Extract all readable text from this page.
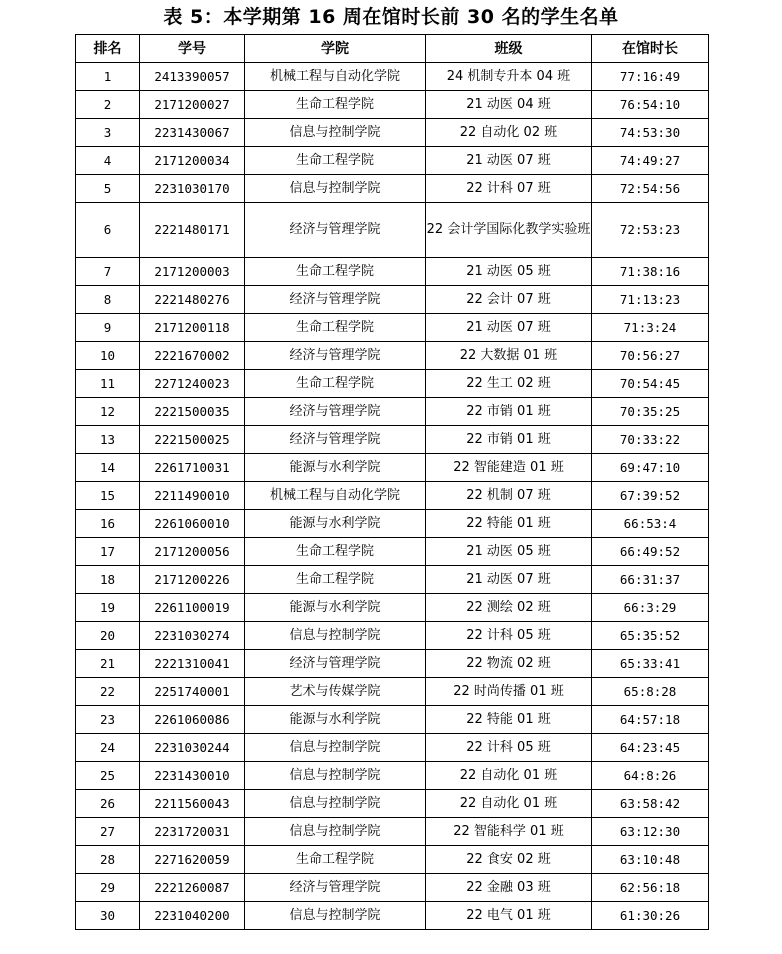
表 5：本学期第 16 周在馆时长前 30 名的学生名单
排名	学号	学院	班级	在馆时长
1	2413390057	机械工程与自动化学院	24 机制专升本 04 班	77:16:49
2	2171200027	生命工程学院	21 动医 04 班	76:54:10
3	2231430067	信息与控制学院	22 自动化 02 班	74:53:30
4	2171200034	生命工程学院	21 动医 07 班	74:49:27
5	2231030170	信息与控制学院	22 计科 07 班	72:54:56
6	2221480171	经济与管理学院	22 会计学国际化教学实验班	72:53:23
7	2171200003	生命工程学院	21 动医 05 班	71:38:16
8	2221480276	经济与管理学院	22 会计 07 班	71:13:23
9	2171200118	生命工程学院	21 动医 07 班	71:3:24
10	2221670002	经济与管理学院	22 大数据 01 班	70:56:27
11	2271240023	生命工程学院	22 生工 02 班	70:54:45
12	2221500035	经济与管理学院	22 市销 01 班	70:35:25
13	2221500025	经济与管理学院	22 市销 01 班	70:33:22
14	2261710031	能源与水利学院	22 智能建造 01 班	69:47:10
15	2211490010	机械工程与自动化学院	22 机制 07 班	67:39:52
16	2261060010	能源与水利学院	22 特能 01 班	66:53:4
17	2171200056	生命工程学院	21 动医 05 班	66:49:52
18	2171200226	生命工程学院	21 动医 07 班	66:31:37
19	2261100019	能源与水利学院	22 测绘 02 班	66:3:29
20	2231030274	信息与控制学院	22 计科 05 班	65:35:52
21	2221310041	经济与管理学院	22 物流 02 班	65:33:41
22	2251740001	艺术与传媒学院	22 时尚传播 01 班	65:8:28
23	2261060086	能源与水利学院	22 特能 01 班	64:57:18
24	2231030244	信息与控制学院	22 计科 05 班	64:23:45
25	2231430010	信息与控制学院	22 自动化 01 班	64:8:26
26	2211560043	信息与控制学院	22 自动化 01 班	63:58:42
27	2231720031	信息与控制学院	22 智能科学 01 班	63:12:30
28	2271620059	生命工程学院	22 食安 02 班	63:10:48
29	2221260087	经济与管理学院	22 金融 03 班	62:56:18
30	2231040200	信息与控制学院	22 电气 01 班	61:30:26
